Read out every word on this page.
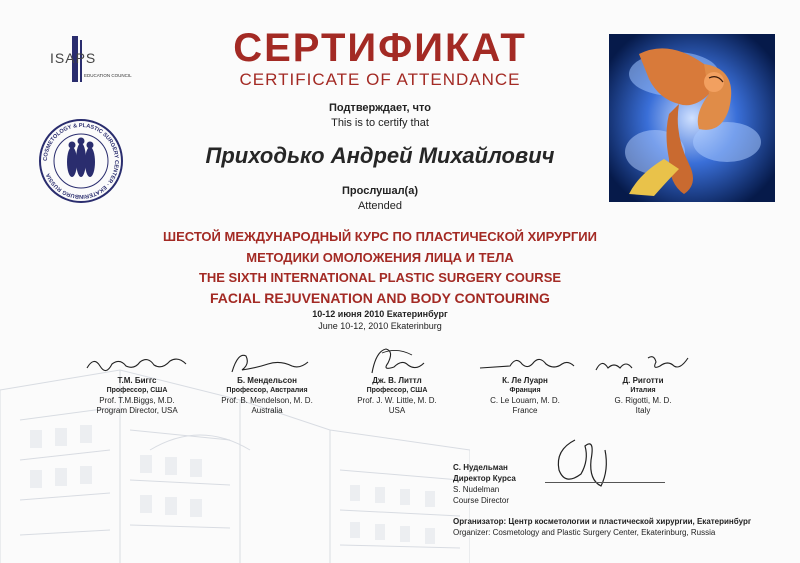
ISAPS
EDUCATION COUNCIL
COSMETOLOGY & PLASTIC SURGERY CENTER · EKATERINBURG RUSSIA
СЕРТИФИКАТ
CERTIFICATE OF ATTENDANCE
Подтверждает, что
This is to certify that
Приходько Андрей Михайлович
Прослушал(а)
Attended
ШЕСТОЙ МЕЖДУНАРОДНЫЙ КУРС ПО ПЛАСТИЧЕСКОЙ ХИРУРГИИ
МЕТОДИКИ ОМОЛОЖЕНИЯ ЛИЦА И ТЕЛА
THE SIXTH INTERNATIONAL PLASTIC SURGERY COURSE
FACIAL REJUVENATION AND BODY CONTOURING
10-12 июня 2010 Екатеринбург
June 10-12, 2010 Ekaterinburg
Т.М. Биггс
Профессор, США
Prof. T.M.Biggs, M.D.
Program Director, USA
Б. Мендельсон
Профессор, Австралия
Prof. B. Mendelson, M. D.
Australia
Дж. В. Литтл
Профессор, США
Prof. J. W. Little, M. D.
USA
К. Ле Луарн
Франция
C. Le Louarn, M. D.
France
Д. Риготти
Италия
G. Rigotti, M. D.
Italy
С. Нудельман
Директор Курса
S. Nudelman
Course Director
Организатор: Центр косметологии и пластической хирургии, Екатеринбург
Organizer: Cosmetology and Plastic Surgery Center, Ekaterinburg, Russia
